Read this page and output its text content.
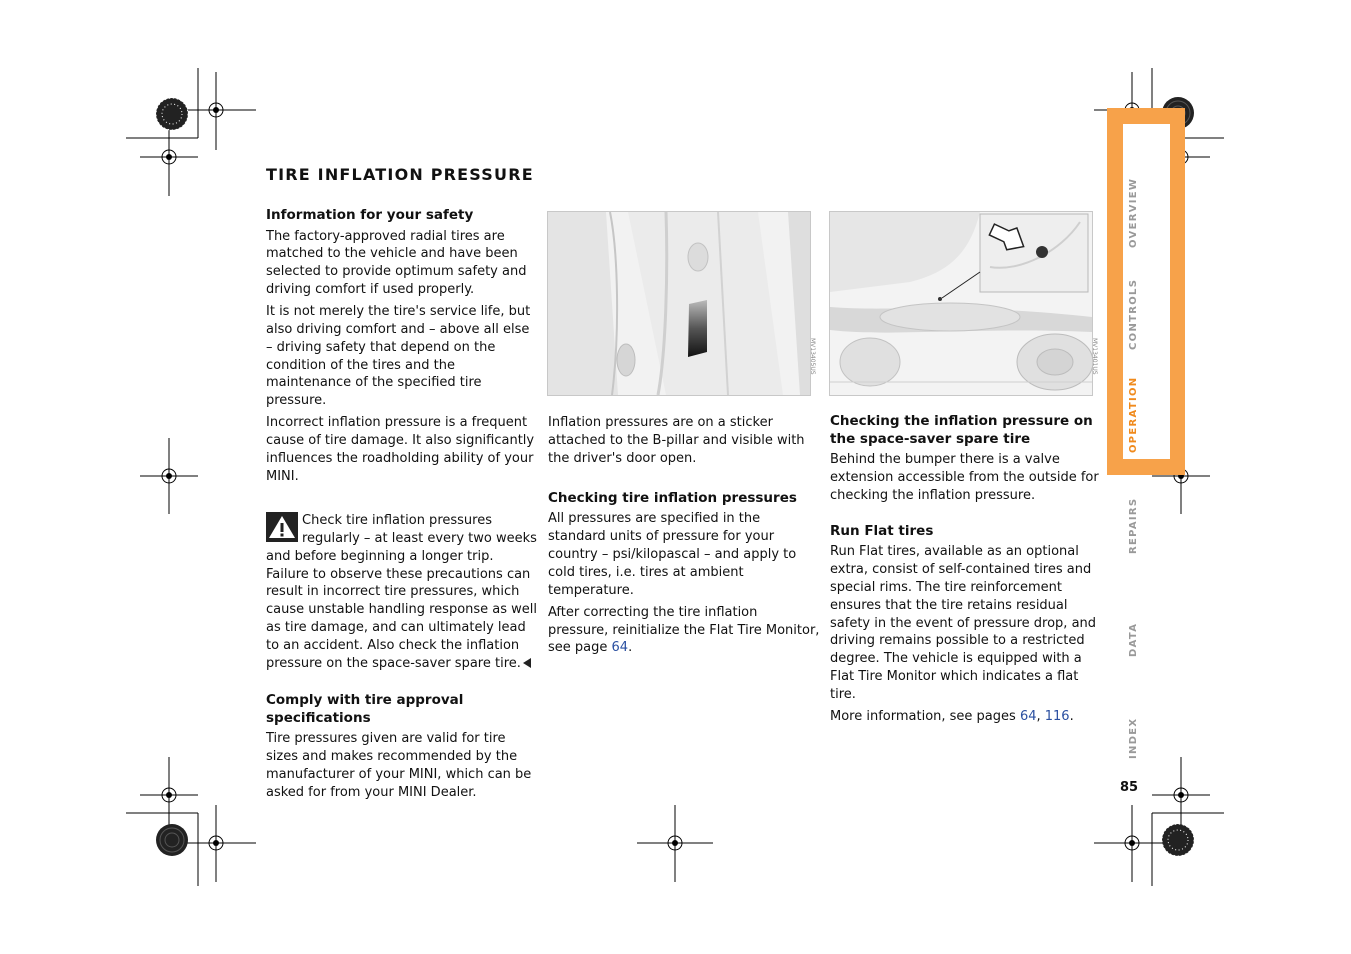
OVERVIEW
CONTROLS
OPERATION
REPAIRS
DATA
INDEX
85
TIRE INFLATION PRESSURE
Information for your safety

The factory-approved radial tires are matched to the vehicle and have been selected to provide optimum safety and driving comfort if used properly.

It is not merely the tire's service life, but also driving comfort and – above all else – driving safety that depend on the condition of the tires and the maintenance of the specified tire pressure.

Incorrect inflation pressure is a frequent cause of tire damage. It also significantly influences the roadholding ability of your MINI.

Check tire inflation pressures regularly – at least every two weeks and before beginning a longer trip. Failure to observe these precautions can result in incorrect tire pressures, which cause unstable handling response as well as tire damage, and can ultimately lead to an accident. Also check the inflation pressure on the space-saver spare tire.

Comply with tire approval specifications

Tire pressures given are valid for tire sizes and makes recommended by the manufacturer of your MINI, which can be asked for from your MINI Dealer.

MV13405US	MV13401US

Inflation pressures are on a sticker attached to the B-pillar and visible with the driver's door open.

Checking tire inflation pressures

All pressures are specified in the standard units of pressure for your country – psi/kilopascal – and apply to cold tires, i.e. tires at ambient temperature.

After correcting the tire inflation pressure, reinitialize the Flat Tire Monitor, see page 64.

Checking the inflation pressure on the space-saver spare tire

Behind the bumper there is a valve extension accessible from the outside for checking the inflation pressure.

Run Flat tires

Run Flat tires, available as an optional extra, consist of self-contained tires and special rims. The tire reinforcement ensures that the tire retains residual safety in the event of pressure drop, and driving remains possible to a restricted degree. The vehicle is equipped with a Flat Tire Monitor which indicates a flat tire.

More information, see pages 64, 116.
